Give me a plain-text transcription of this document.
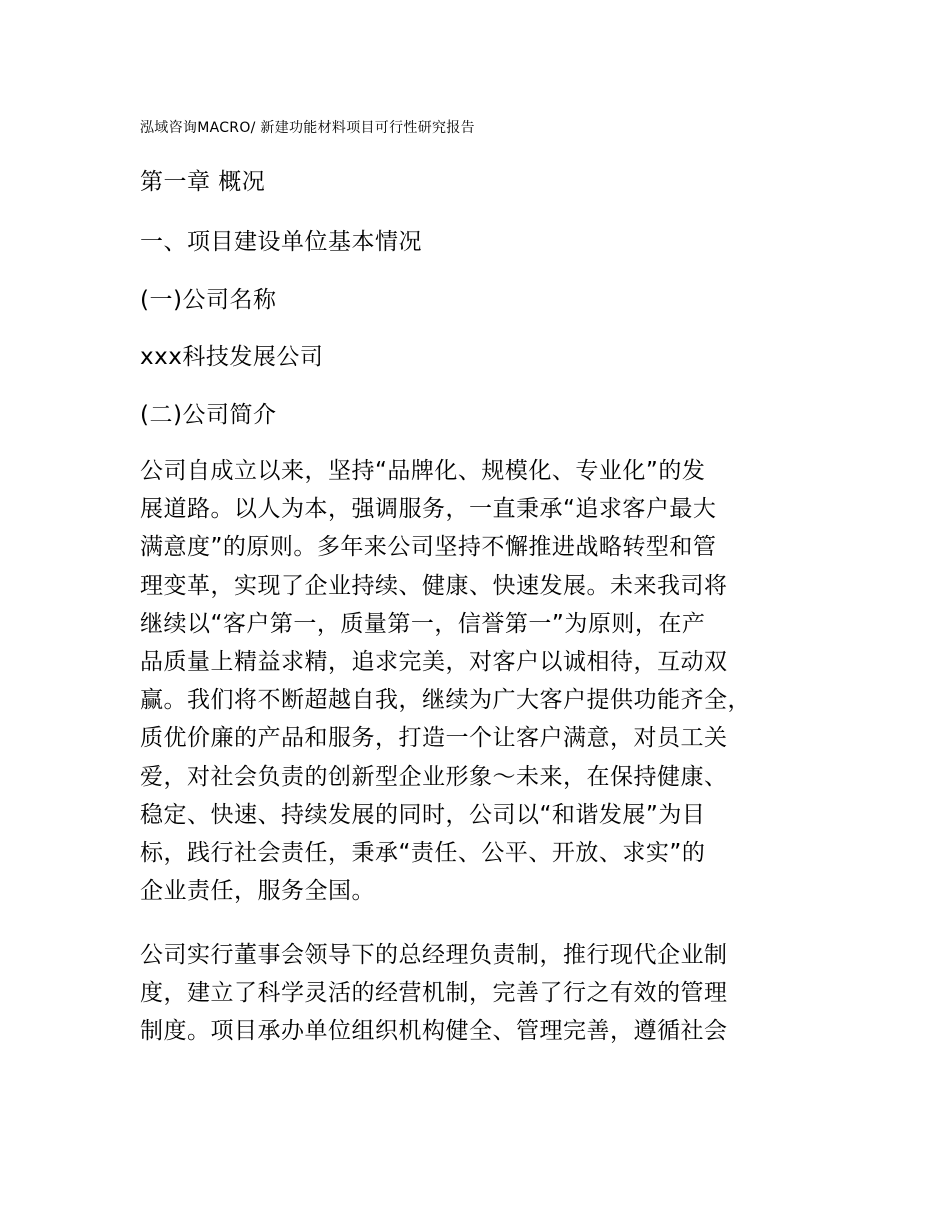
泓域咨询MACRO/ 新建功能材料项目可行性研究报告
第一章 概况
一、项目建设单位基本情况
(一)公司名称
xxx科技发展公司
(二)公司简介
公司自成立以来，坚持“品牌化、规模化、专业化”的发
展道路。以人为本，强调服务，一直秉承“追求客户最大
满意度”的原则。多年来公司坚持不懈推进战略转型和管
理变革，实现了企业持续、健康、快速发展。未来我司将
继续以“客户第一，质量第一，信誉第一”为原则，在产
品质量上精益求精，追求完美，对客户以诚相待，互动双
赢。我们将不断超越自我，继续为广大客户提供功能齐全，
质优价廉的产品和服务，打造一个让客户满意，对员工关
爱，对社会负责的创新型企业形象～未来，在保持健康、
稳定、快速、持续发展的同时，公司以“和谐发展”为目
标，践行社会责任，秉承“责任、公平、开放、求实”的
企业责任，服务全国。
公司实行董事会领导下的总经理负责制，推行现代企业制
度，建立了科学灵活的经营机制，完善了行之有效的管理
制度。项目承办单位组织机构健全、管理完善，遵循社会
